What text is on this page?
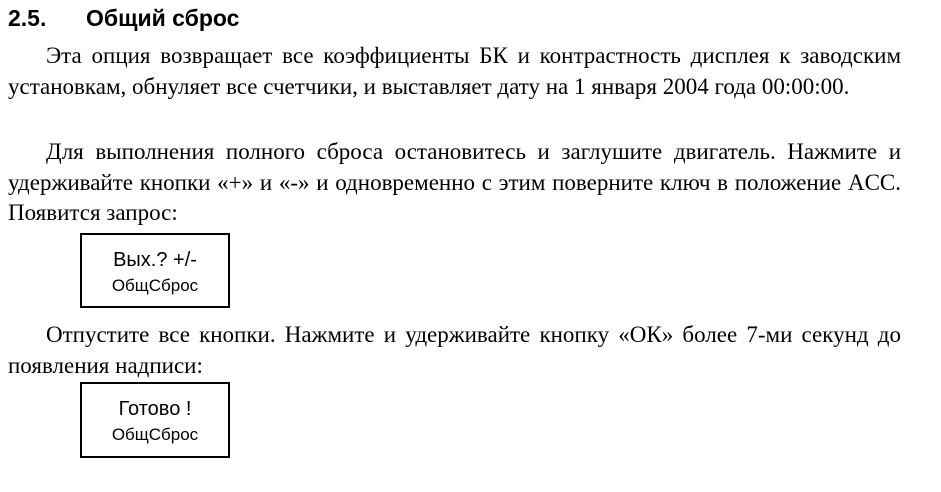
2.5. Общий сброс

Эта опция возвращает все коэффициенты БК и контрастность дисплея к заводским установкам, обнуляет все счетчики, и выставляет дату на 1 января 2004 года 00:00:00.

Для выполнения полного сброса остановитесь и заглушите двигатель. Нажмите и удерживайте кнопки «+» и «-» и одновременно с этим поверните ключ в положение ACC. Появится запрос:

Вых.? +/-
ОбщСброс

Отпустите все кнопки. Нажмите и удерживайте кнопку «ОК» более 7-ми секунд до появления надписи:

Готово !
ОбщСброс
